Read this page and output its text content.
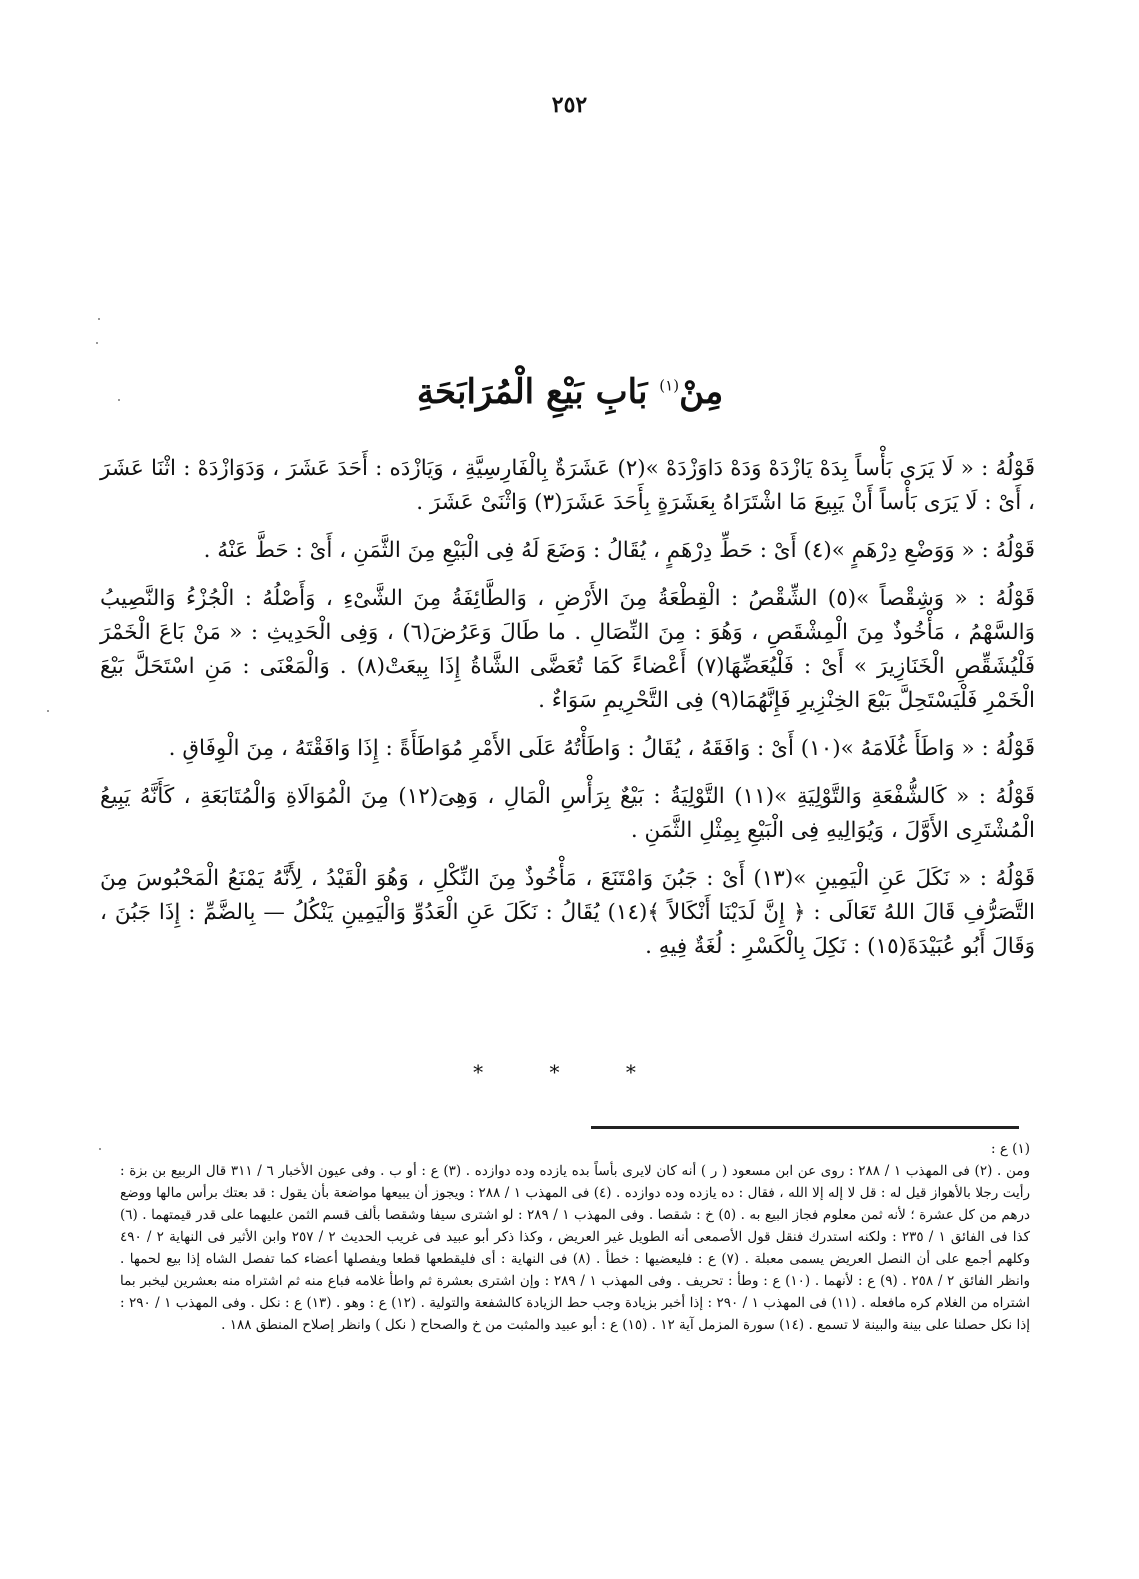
٢٥٢
مِنْ$^{(١)}$ بَابِ بَيْعِ الْمُرَابَحَةِ

قَوْلُهُ : « لَا يَرَى بَأْساً بِدَهْ يَازْدَهْ وَدَهْ دَاوَزْدَهْ »(٢) عَشَرَةٌ بِالْفَارِسِيَّةِ ، وَيَازْدَه : أَحَدَ عَشَرَ ، وَدَوَازْدَهْ : اثْنَا عَشَرَ ، أَىْ : لَا يَرَى بَأْساً أَنْ يَبِيعَ مَا اشْتَرَاهُ بِعَشَرَةٍ بِأَحَدَ عَشَرَ(٣) وَاثْنَىْ عَشَرَ .

قَوْلُهُ : « وَوَضْعِ دِرْهَمٍ »(٤) أَىْ : حَطِّ دِرْهَمٍ ، يُقَالُ : وَضَعَ لَهُ فِى الْبَيْعِ مِنَ الثَّمَنِ ، أَىْ : حَطَّ عَنْهُ .

قَوْلُهُ : « وَشِقْصاً »(٥) الشِّقْصُ : الْقِطْعَةُ مِنَ الأَرْضِ ، وَالطَّائِفَةُ مِنَ الشَّىْءِ ، وَأَصْلُهُ : الْجُزْءُ وَالنَّصِيبُ وَالسَّهْمُ ، مَأْخُوذٌ مِنَ الْمِشْقَصِ ، وَهُوَ : مِنَ النِّصَالِ . ما طَالَ وَعَرُضَ(٦) ، وَفِى الْحَدِيثِ : « مَنْ بَاعَ الْخَمْرَ فَلْيُشَقِّصِ الْخَنَازِيرَ » أَىْ : فَلْيُعَضِّهَا(٧) أَعْضاءً كَمَا تُعَضَّى الشَّاةُ إِذَا بِيعَتْ(٨) . وَالْمَعْنَى : مَنِ اسْتَحَلَّ بَيْعَ الْخَمْرِ فَلْيَسْتَحِلَّ بَيْعَ الخِنْزِيرِ فَإِنَّهُمَا(٩) فِى التَّحْرِيمِ سَوَاءٌ .

قَوْلُهُ : « وَاطَأَ غُلَامَهُ »(١٠) أَىْ : وَافَقَهُ ، يُقَالُ : وَاطَأْتُهُ عَلَى الأَمْرِ مُوَاطَأَةً : إِذَا وَافَقْتَهُ ، مِنَ الْوِفَاقِ .

قَوْلُهُ : « كَالشُّفْعَةِ وَالتَّوْلِيَةِ »(١١) التَّوْلِيَةُ : بَيْعٌ بِرَأْسِ الْمَالِ ، وَهِىَ(١٢) مِنَ الْمُوَالَاةِ وَالْمُتَابَعَةِ ، كَأَنَّهُ يَبِيعُ الْمُشْتَرِى الأَوَّلَ ، وَيُوَالِيهِ فِى الْبَيْعِ بِمِثْلِ الثَّمَنِ .

قَوْلُهُ : « نَكَلَ عَنِ الْيَمِينِ »(١٣) أَىْ : جَبُنَ وَامْتَنَعَ ، مَأْخُوذٌ مِنَ النِّكْلِ ، وَهُوَ الْقَيْدُ ، لِأَنَّهُ يَمْنَعُ الْمَحْبُوسَ مِنَ التَّصَرُّفِ قَالَ اللهُ تَعَالَى : ﴿ إِنَّ لَدَيْنَا أَنْكَالاً ﴾(١٤) يُقَالُ : نَكَلَ عَنِ الْعَدُوِّ وَالْيَمِينِ يَنْكُلُ — بِالضَّمِّ : إِذَا جَبُنَ ، وَقَالَ أَبُو عُبَيْدَةَ(١٥) : نَكِلَ بِالْكَسْرِ : لُغَةٌ فِيهِ .

* * *

(١) ع :

ومن . (٢) فى المهذب ١ / ٢٨٨ : روى عن ابن مسعود ( ر ) أنه كان لايرى بأساً بده يازده وده دوازده . (٣) ع : أو ب . وفى عيون الأخبار ٦ / ٣١١ قال الربيع بن بزة : رأيت رجلا بالأهواز قيل له : قل لا إله إلا الله ، فقال : ده يازده وده دوازده . (٤) فى المهذب ١ / ٢٨٨ : ويجوز أن يبيعها مواضعة بأن يقول : قد بعتك برأس مالها ووضع درهم من كل عشرة ؛ لأنه ثمن معلوم فجاز البيع به . (٥) خ : شقصا . وفى المهذب ١ / ٢٨٩ : لو اشترى سيفا وشقصا بألف قسم الثمن عليهما على قدر قيمتهما . (٦) كذا فى الفائق ١ / ٢٣٥ : ولكنه استدرك فنقل قول الأصمعى أنه الطويل غير العريض ، وكذا ذكر أبو عبيد فى غريب الحديث ٢ / ٢٥٧ وابن الأثير فى النهاية ٢ / ٤٩٠ وكلهم أجمع على أن النصل العريض يسمى معبلة . (٧) ع : فليعضيها : خطأ . (٨) فى النهاية : أى فليقطعها قطعا ويفصلها أعضاء كما تفصل الشاه إذا بيع لحمها . وانظر الفائق ٢ / ٢٥٨ . (٩) ع : لأنهما . (١٠) ع : وطأ : تحريف . وفى المهذب ١ / ٢٨٩ : وإن اشترى بعشرة ثم واطأ غلامه فباع منه ثم اشتراه منه بعشرين ليخبر بما اشتراه من الغلام كره مافعله . (١١) فى المهذب ١ / ٢٩٠ : إذا أخبر بزيادة وجب حط الزيادة كالشفعة والتولية . (١٢) ع : وهو . (١٣) ع : نكل . وفى المهذب ١ / ٢٩٠ : إذا نكل حصلنا على بينة والبينة لا تسمع . (١٤) سورة المزمل آية ١٢ . (١٥) ع : أبو عبيد والمثبت من خ والصحاح ( نكل ) وانظر إصلاح المنطق ١٨٨ .
